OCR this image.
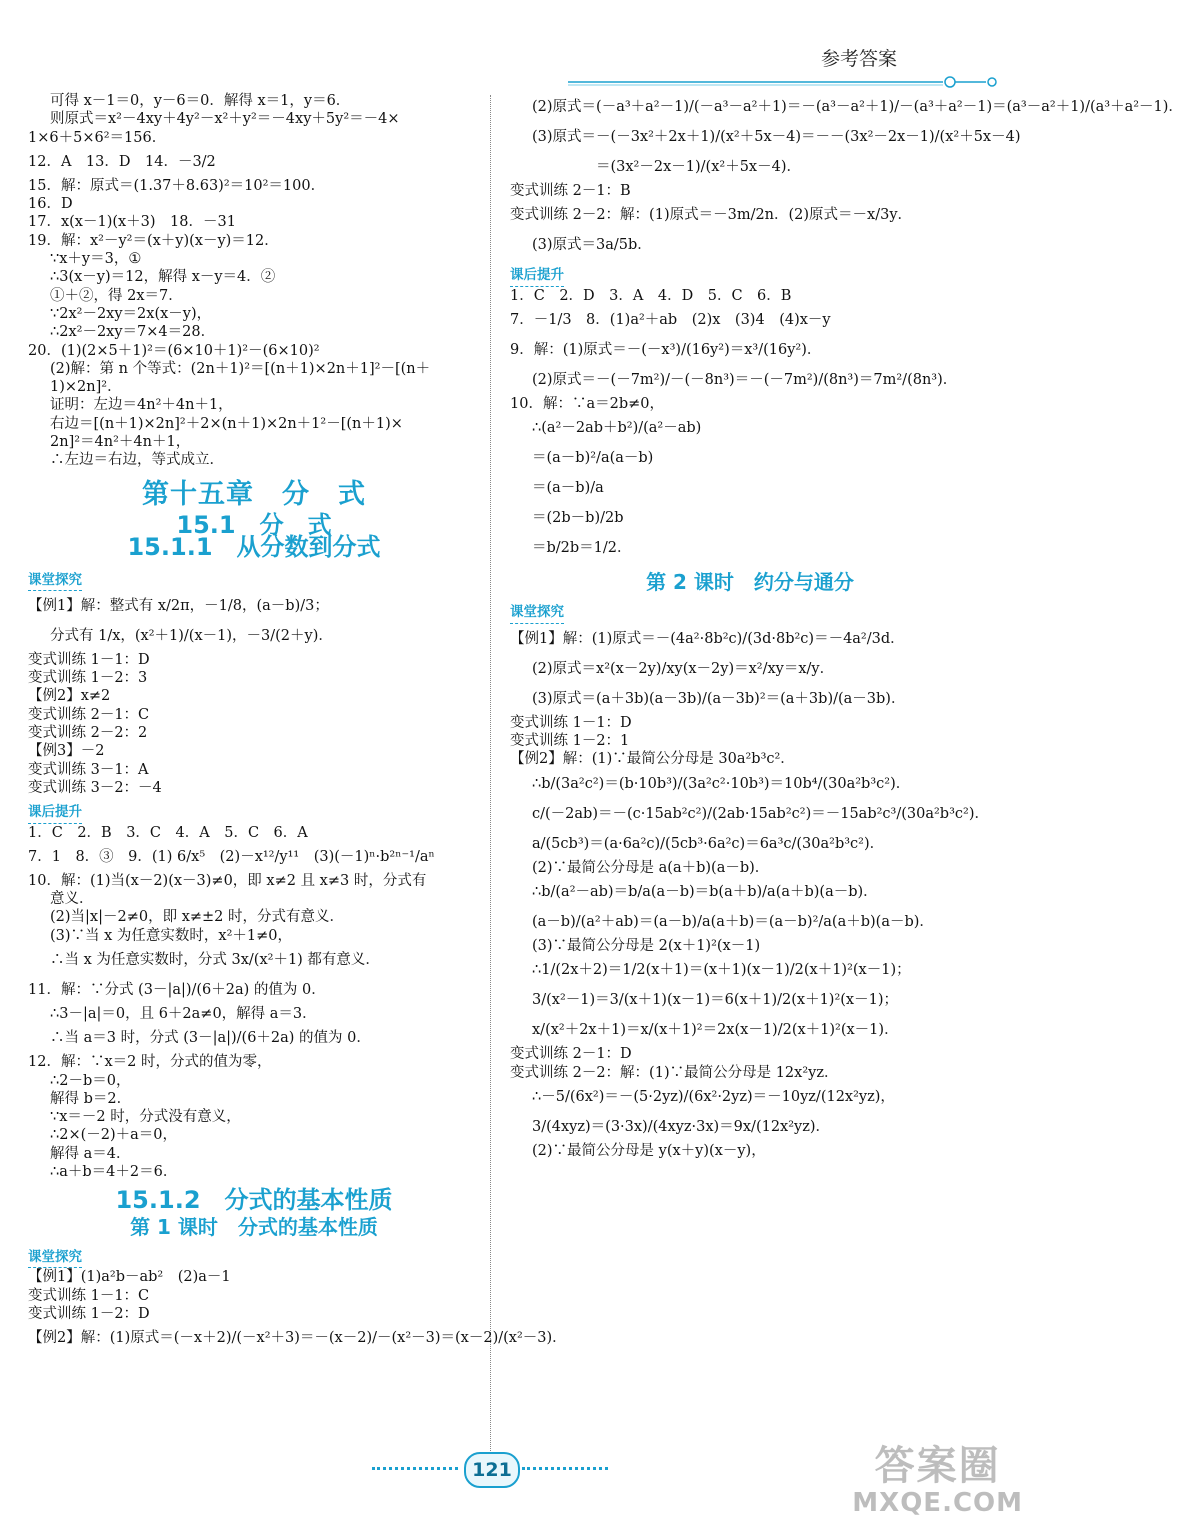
参考答案
可得 x－1＝0，y－6＝0．解得 x＝1，y＝6．
则原式＝x²－4xy＋4y²－x²＋y²＝－4xy＋5y²＝－4×
1×6＋5×6²＝156．
12．A　13．D　14．－3/2
15．解：原式＝(1.37＋8.63)²＝10²＝100．
16．D
17．x(x－1)(x＋3)　18．－31
19．解：x²－y²＝(x＋y)(x－y)＝12．
∵x＋y＝3，①
∴3(x－y)＝12，解得 x－y＝4．②
①＋②，得 2x＝7．
∵2x²－2xy＝2x(x－y)，
∴2x²－2xy＝7×4＝28．
20．(1)(2×5＋1)²＝(6×10＋1)²－(6×10)²
(2)解：第 n 个等式：(2n＋1)²＝[(n＋1)×2n＋1]²－[(n＋
1)×2n]²．
证明：左边＝4n²＋4n＋1，
右边＝[(n＋1)×2n]²＋2×(n＋1)×2n＋1²－[(n＋1)×
2n]²＝4n²＋4n＋1，
∴左边＝右边，等式成立．
第十五章　分　式
15.1　分　式
15.1.1　从分数到分式
课堂探究
【例1】解：整式有 x/2π，－1/8，(a－b)/3；
分式有 1/x，(x²＋1)/(x－1)，－3/(2＋y)．
变式训练 1－1：D
变式训练 1－2：3
【例2】x≠2
变式训练 2－1：C
变式训练 2－2：2
【例3】－2
变式训练 3－1：A
变式训练 3－2：－4
课后提升
1．C　2．B　3．C　4．A　5．C　6．A
7．1　8．③　9．(1) 6/x⁵　(2)－x¹²/y¹¹　(3)(－1)ⁿ·b²ⁿ⁻¹/aⁿ
10．解：(1)当(x－2)(x－3)≠0，即 x≠2 且 x≠3 时，分式有
意义．
(2)当|x|－2≠0，即 x≠±2 时，分式有意义．
(3)∵当 x 为任意实数时，x²＋1≠0，
∴当 x 为任意实数时，分式 3x/(x²＋1) 都有意义．
11．解：∵分式 (3－|a|)/(6＋2a) 的值为 0．
∴3－|a|＝0，且 6＋2a≠0，解得 a＝3．
∴当 a＝3 时，分式 (3－|a|)/(6＋2a) 的值为 0．
12．解：∵x＝2 时，分式的值为零，
∴2－b＝0，
解得 b＝2．
∵x＝－2 时，分式没有意义，
∴2×(－2)＋a＝0，
解得 a＝4．
∴a＋b＝4＋2＝6．
15.1.2　分式的基本性质
第 1 课时　分式的基本性质
课堂探究
【例1】(1)a²b－ab²　(2)a－1
变式训练 1－1：C
变式训练 1－2：D
【例2】解：(1)原式＝(－x＋2)/(－x²＋3)＝－(x－2)/－(x²－3)＝(x－2)/(x²－3)．
(2)原式＝(－a³＋a²－1)/(－a³－a²＋1)＝－(a³－a²＋1)/－(a³＋a²－1)＝(a³－a²＋1)/(a³＋a²－1)．
(3)原式＝－(－3x²＋2x＋1)/(x²＋5x－4)＝－－(3x²－2x－1)/(x²＋5x－4)
＝(3x²－2x－1)/(x²＋5x－4)．
变式训练 2－1：B
变式训练 2－2：解：(1)原式＝－3m/2n．(2)原式＝－x/3y．
(3)原式＝3a/5b．
课后提升
1．C　2．D　3．A　4．D　5．C　6．B
7．－1/3　8．(1)a²＋ab　(2)x　(3)4　(4)x－y
9．解：(1)原式＝－(－x³)/(16y²)＝x³/(16y²)．
(2)原式＝－(－7m²)/－(－8n³)＝－(－7m²)/(8n³)＝7m²/(8n³)．
10．解：∵a＝2b≠0，
∴(a²－2ab＋b²)/(a²－ab)
＝(a－b)²/a(a－b)
＝(a－b)/a
＝(2b－b)/2b
＝b/2b＝1/2．
第 2 课时　约分与通分
课堂探究
【例1】解：(1)原式＝－(4a²·8b²c)/(3d·8b²c)＝－4a²/3d．
(2)原式＝x²(x－2y)/xy(x－2y)＝x²/xy＝x/y．
(3)原式＝(a＋3b)(a－3b)/(a－3b)²＝(a＋3b)/(a－3b)．
变式训练 1－1：D
变式训练 1－2：1
【例2】解：(1)∵最简公分母是 30a²b³c²．
∴b/(3a²c²)＝(b·10b³)/(3a²c²·10b³)＝10b⁴/(30a²b³c²)．
c/(－2ab)＝－(c·15ab²c²)/(2ab·15ab²c²)＝－15ab²c³/(30a²b³c²)．
a/(5cb³)＝(a·6a²c)/(5cb³·6a²c)＝6a³c/(30a²b³c²)．
(2)∵最简公分母是 a(a＋b)(a－b)．
∴b/(a²－ab)＝b/a(a－b)＝b(a＋b)/a(a＋b)(a－b)．
(a－b)/(a²＋ab)＝(a－b)/a(a＋b)＝(a－b)²/a(a＋b)(a－b)．
(3)∵最简公分母是 2(x＋1)²(x－1)
∴1/(2x＋2)＝1/2(x＋1)＝(x＋1)(x－1)/2(x＋1)²(x－1)；
3/(x²－1)＝3/(x＋1)(x－1)＝6(x＋1)/2(x＋1)²(x－1)；
x/(x²＋2x＋1)＝x/(x＋1)²＝2x(x－1)/2(x＋1)²(x－1)．
变式训练 2－1：D
变式训练 2－2：解：(1)∵最简公分母是 12x²yz．
∴－5/(6x²)＝－(5·2yz)/(6x²·2yz)＝－10yz/(12x²yz)，
3/(4xyz)＝(3·3x)/(4xyz·3x)＝9x/(12x²yz)．
(2)∵最简公分母是 y(x＋y)(x－y)，
121	答案圈
MXQE.COM
